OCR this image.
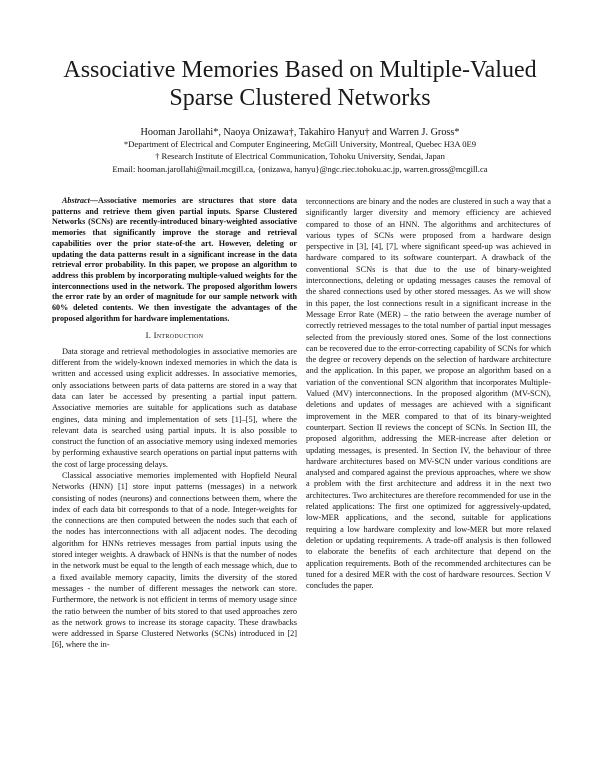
Associative Memories Based on Multiple-Valued Sparse Clustered Networks
Hooman Jarollahi*, Naoya Onizawa†, Takahiro Hanyu† and Warren J. Gross*
*Department of Electrical and Computer Engineering, McGill University, Montreal, Quebec H3A 0E9
† Research Institute of Electrical Communication, Tohoku University, Sendai, Japan
Email: hooman.jarollahi@mail.mcgill.ca, {onizawa, hanyu}@ngc.riec.tohoku.ac.jp, warren.gross@mcgill.ca

Abstract—Associative memories are structures that store data patterns and retrieve them given partial inputs. Sparse Clustered Networks (SCNs) are recently-introduced binary-weighted associative memories that significantly improve the storage and retrieval capabilities over the prior state-of-the art. However, deleting or updating the data patterns result in a significant increase in the data retrieval error probability. In this paper, we propose an algorithm to address this problem by incorporating multiple-valued weights for the interconnections used in the network. The proposed algorithm lowers the error rate by an order of magnitude for our sample network with 60% deleted contents. We then investigate the advantages of the proposed algorithm for hardware implementations.

I. Introduction

Data storage and retrieval methodologies in associative memories are different from the widely-known indexed memories in which the data is written and accessed using explicit addresses. In associative memories, only associations between parts of data patterns are stored in a way that data can later be accessed by presenting a partial input pattern. Associative memories are suitable for applications such as database engines, data mining and implementation of sets [1]–[5], where the relevant data is searched using partial inputs. It is also possible to construct the function of an associative memory using indexed memories by performing exhaustive search operations on partial input patterns with the cost of large processing delays.

Classical associative memories implemented with Hopfield Neural Networks (HNN) [1] store input patterns (messages) in a network consisting of nodes (neurons) and connections between them, where the index of each data bit corresponds to that of a node. Integer-weights for the connections are then computed between the nodes such that each of the nodes has interconnections with all adjacent nodes. The decoding algorithm for HNNs retrieves messages from partial inputs using the stored integer weights. A drawback of HNNs is that the number of nodes in the network must be equal to the length of each message which, due to a fixed available memory capacity, limits the diversity of the stored messages - the number of different messages the network can store. Furthermore, the network is not efficient in terms of memory usage since the ratio between the number of bits stored to that used approaches zero as the network grows to increase its storage capacity. These drawbacks were addressed in Sparse Clustered Networks (SCNs) introduced in [2] [6], where the in-

terconnections are binary and the nodes are clustered in such a way that a significantly larger diversity and memory efficiency are achieved compared to those of an HNN. The algorithms and architectures of various types of SCNs were proposed from a hardware design perspective in [3], [4], [7], where significant speed-up was achieved in hardware compared to its software counterpart. A drawback of the conventional SCNs is that due to the use of binary-weighted interconnections, deleting or updating messages causes the removal of the shared connections used by other stored messages. As we will show in this paper, the lost connections result in a significant increase in the Message Error Rate (MER) – the ratio between the average number of correctly retrieved messages to the total number of partial input messages selected from the previously stored ones. Some of the lost connections can be recovered due to the error-correcting capability of SCNs for which the degree or recovery depends on the selection of hardware architecture and the application. In this paper, we propose an algorithm based on a variation of the conventional SCN algorithm that incorporates Multiple-Valued (MV) interconnections. In the proposed algorithm (MV-SCN), deletions and updates of messages are achieved with a significant improvement in the MER compared to that of its binary-weighted counterpart. Section II reviews the concept of SCNs. In Section III, the proposed algorithm, addressing the MER-increase after deletion or updating messages, is presented. In Section IV, the behaviour of three hardware architectures based on MV-SCN under various conditions are analysed and compared against the previous approaches, where we show a problem with the first architecture and address it in the next two architectures. Two architectures are therefore recommended for use in the related applications: The first one optimized for aggressively-updated, low-MER applications, and the second, suitable for applications requiring a low hardware complexity and low-MER but more relaxed deletion or updating requirements. A trade-off analysis is then followed to elaborate the benefits of each architecture that depend on the application requirements. Both of the recommended architectures can be tuned for a desired MER with the cost of hardware resources. Section V concludes the paper.
